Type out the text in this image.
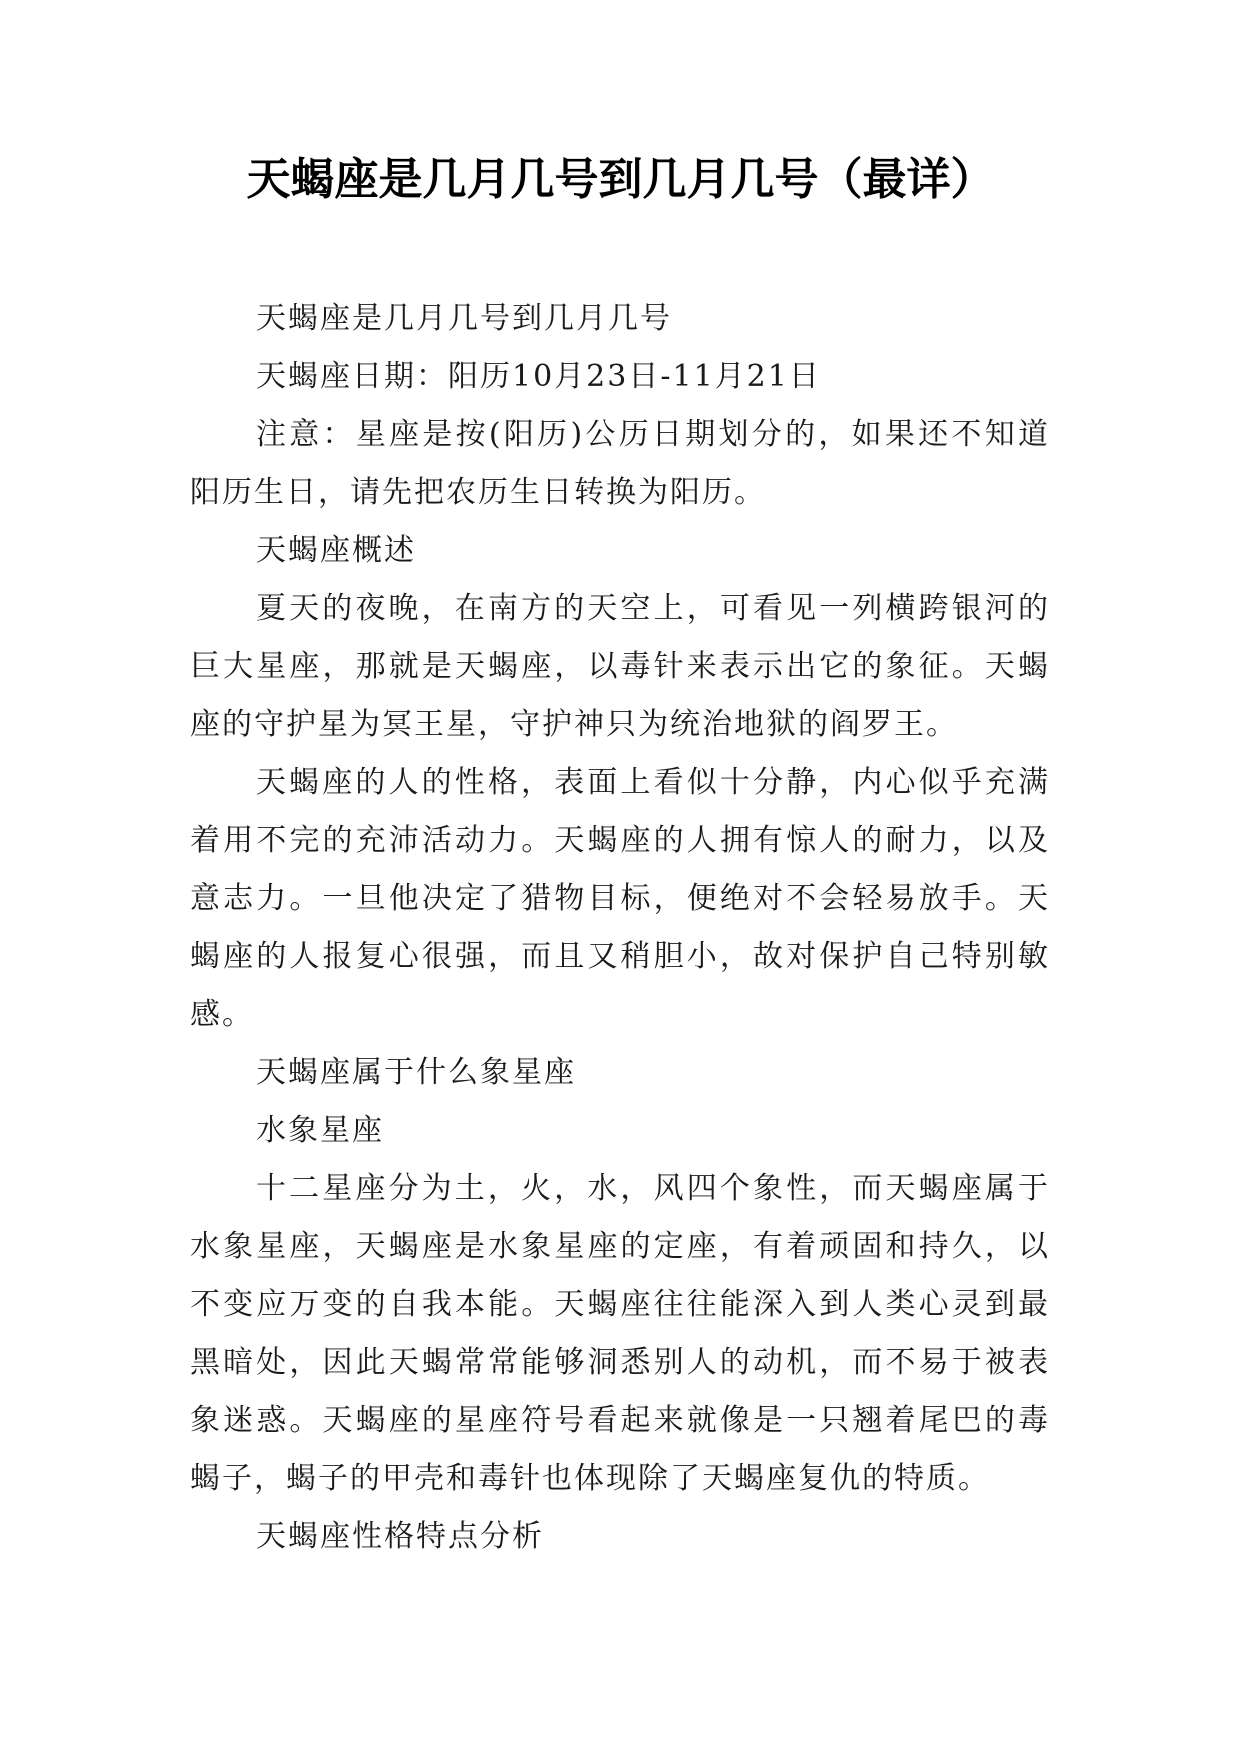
天蝎座是几月几号到几月几号（最详）

天蝎座是几月几号到几月几号

天蝎座日期：阳历10月23日-11月21日

注意：星座是按(阳历)公历日期划分的，如果还不知道阳历生日，请先把农历生日转换为阳历。

天蝎座概述

夏天的夜晚，在南方的天空上，可看见一列横跨银河的巨大星座，那就是天蝎座，以毒针来表示出它的象征。天蝎座的守护星为冥王星，守护神只为统治地狱的阎罗王。

天蝎座的人的性格，表面上看似十分静，内心似乎充满着用不完的充沛活动力。天蝎座的人拥有惊人的耐力，以及意志力。一旦他决定了猎物目标，便绝对不会轻易放手。天蝎座的人报复心很强，而且又稍胆小，故对保护自己特别敏感。

天蝎座属于什么象星座

水象星座

十二星座分为土，火，水，风四个象性，而天蝎座属于水象星座，天蝎座是水象星座的定座，有着顽固和持久，以不变应万变的自我本能。天蝎座往往能深入到人类心灵到最黑暗处，因此天蝎常常能够洞悉别人的动机，而不易于被表象迷惑。天蝎座的星座符号看起来就像是一只翘着尾巴的毒蝎子，蝎子的甲壳和毒针也体现除了天蝎座复仇的特质。

天蝎座性格特点分析
